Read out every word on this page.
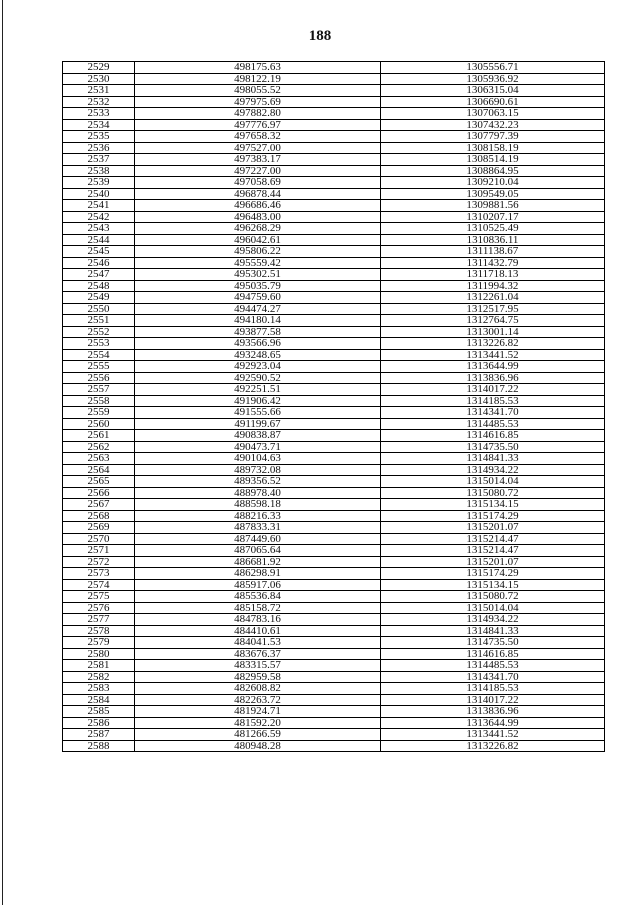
188
2529	498175.63	1305556.71
2530	498122.19	1305936.92
2531	498055.52	1306315.04
2532	497975.69	1306690.61
2533	497882.80	1307063.15
2534	497776.97	1307432.23
2535	497658.32	1307797.39
2536	497527.00	1308158.19
2537	497383.17	1308514.19
2538	497227.00	1308864.95
2539	497058.69	1309210.04
2540	496878.44	1309549.05
2541	496686.46	1309881.56
2542	496483.00	1310207.17
2543	496268.29	1310525.49
2544	496042.61	1310836.11
2545	495806.22	1311138.67
2546	495559.42	1311432.79
2547	495302.51	1311718.13
2548	495035.79	1311994.32
2549	494759.60	1312261.04
2550	494474.27	1312517.95
2551	494180.14	1312764.75
2552	493877.58	1313001.14
2553	493566.96	1313226.82
2554	493248.65	1313441.52
2555	492923.04	1313644.99
2556	492590.52	1313836.96
2557	492251.51	1314017.22
2558	491906.42	1314185.53
2559	491555.66	1314341.70
2560	491199.67	1314485.53
2561	490838.87	1314616.85
2562	490473.71	1314735.50
2563	490104.63	1314841.33
2564	489732.08	1314934.22
2565	489356.52	1315014.04
2566	488978.40	1315080.72
2567	488598.18	1315134.15
2568	488216.33	1315174.29
2569	487833.31	1315201.07
2570	487449.60	1315214.47
2571	487065.64	1315214.47
2572	486681.92	1315201.07
2573	486298.91	1315174.29
2574	485917.06	1315134.15
2575	485536.84	1315080.72
2576	485158.72	1315014.04
2577	484783.16	1314934.22
2578	484410.61	1314841.33
2579	484041.53	1314735.50
2580	483676.37	1314616.85
2581	483315.57	1314485.53
2582	482959.58	1314341.70
2583	482608.82	1314185.53
2584	482263.72	1314017.22
2585	481924.71	1313836.96
2586	481592.20	1313644.99
2587	481266.59	1313441.52
2588	480948.28	1313226.82
